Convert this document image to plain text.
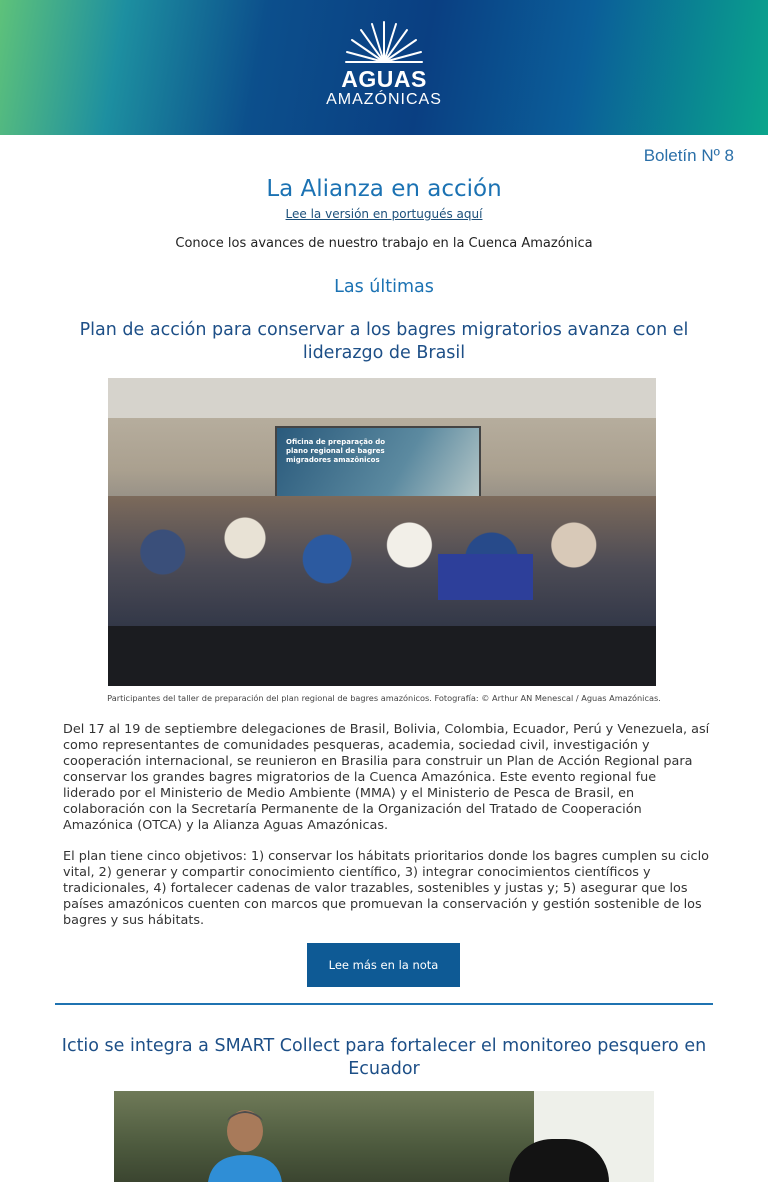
AGUAS
AMAZÓNICAS
Boletín Nº 8
La Alianza en acción
Lee la versión en portugués aquí
Conoce los avances de nuestro trabajo en la Cuenca Amazónica
Las últimas
Plan de acción para conservar a los bagres migratorios avanza con el liderazgo de Brasil
Oficina de preparação do plano regional de bagres migradores amazônicos
Participantes del taller de preparación del plan regional de bagres amazónicos. Fotografía: © Arthur AN Menescal / Aguas Amazónicas.
Del 17 al 19 de septiembre delegaciones de Brasil, Bolivia, Colombia, Ecuador, Perú y Venezuela, así como representantes de comunidades pesqueras, academia, sociedad civil, investigación y cooperación internacional, se reunieron en Brasilia para construir un Plan de Acción Regional para conservar los grandes bagres migratorios de la Cuenca Amazónica. Este evento regional fue liderado por el Ministerio de Medio Ambiente (MMA) y el Ministerio de Pesca de Brasil, en colaboración con la Secretaría Permanente de la Organización del Tratado de Cooperación Amazónica (OTCA) y la Alianza Aguas Amazónicas.
El plan tiene cinco objetivos: 1) conservar los hábitats prioritarios donde los bagres cumplen su ciclo vital, 2) generar y compartir conocimiento científico, 3) integrar conocimientos científicos y tradicionales, 4) fortalecer cadenas de valor trazables, sostenibles y justas y; 5) asegurar que los países amazónicos cuenten con marcos que promuevan la conservación y gestión sostenible de los bagres y sus hábitats.
Lee más en la nota
Ictio se integra a SMART Collect para fortalecer el monitoreo pesquero en Ecuador
